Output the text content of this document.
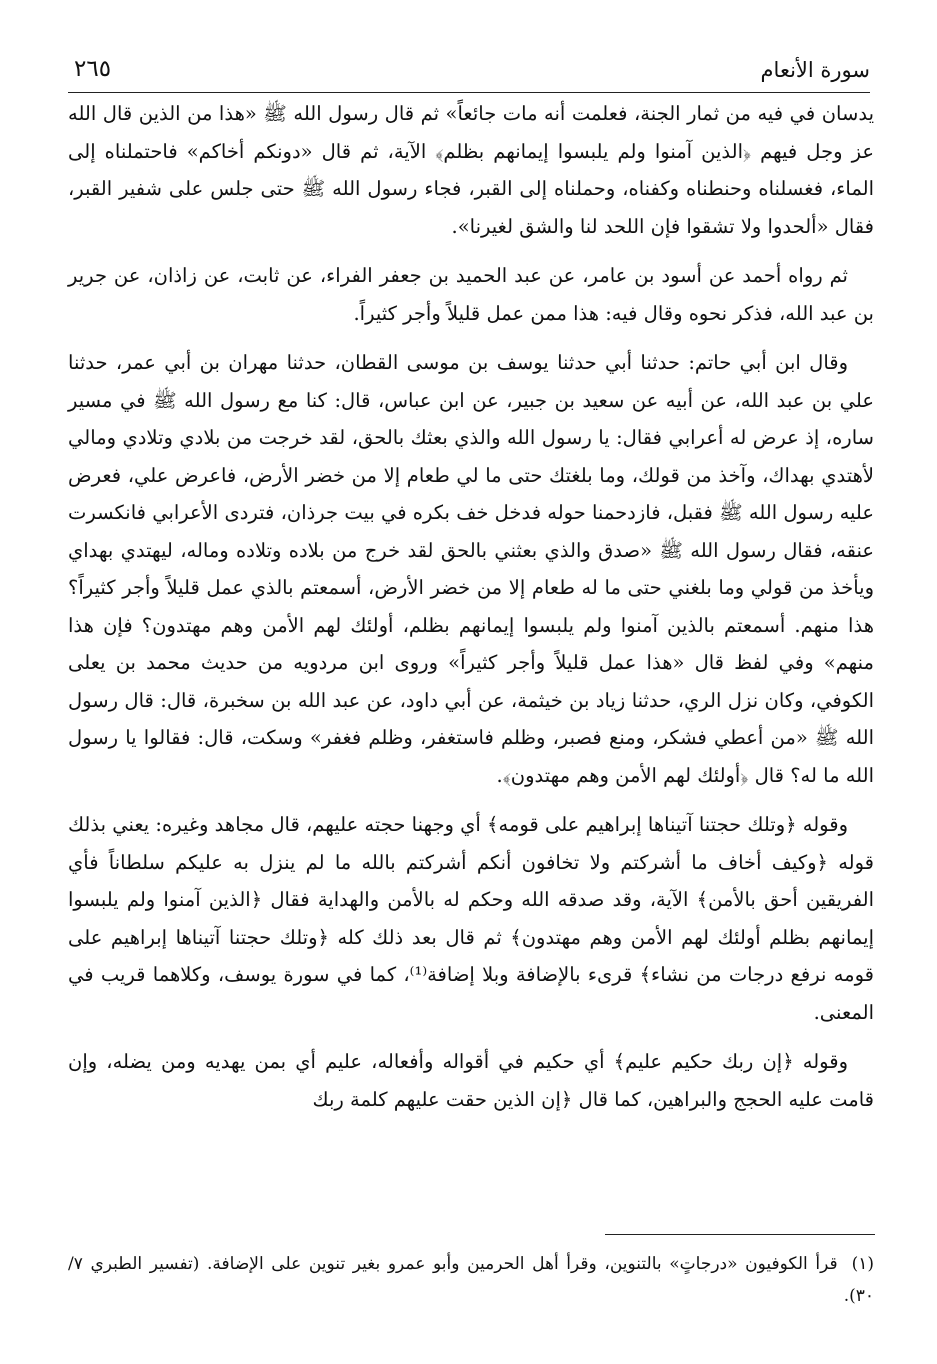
سورة الأنعام
٢٦٥

يدسان في فيه من ثمار الجنة، فعلمت أنه مات جائعاً» ثم قال رسول الله ﷺ «هذا من الذين قال الله عز وجل فيهم ﴿الذين آمنوا ولم يلبسوا إيمانهم بظلم﴾ الآية، ثم قال «دونكم أخاكم» فاحتملناه إلى الماء، فغسلناه وحنطناه وكفناه، وحملناه إلى القبر، فجاء رسول الله ﷺ حتى جلس على شفير القبر، فقال «ألحدوا ولا تشقوا فإن اللحد لنا والشق لغيرنا».

ثم رواه أحمد عن أسود بن عامر، عن عبد الحميد بن جعفر الفراء، عن ثابت، عن زاذان، عن جرير بن عبد الله، فذكر نحوه وقال فيه: هذا ممن عمل قليلاً وأجر كثيراً.

وقال ابن أبي حاتم: حدثنا أبي حدثنا يوسف بن موسى القطان، حدثنا مهران بن أبي عمر، حدثنا علي بن عبد الله، عن أبيه عن سعيد بن جبير، عن ابن عباس، قال: كنا مع رسول الله ﷺ في مسير ساره، إذ عرض له أعرابي فقال: يا رسول الله والذي بعثك بالحق، لقد خرجت من بلادي وتلادي ومالي لأهتدي بهداك، وآخذ من قولك، وما بلغتك حتى ما لي طعام إلا من خضر الأرض، فاعرض علي، فعرض عليه رسول الله ﷺ فقبل، فازدحمنا حوله فدخل خف بكره في بيت جرذان، فتردى الأعرابي فانكسرت عنقه، فقال رسول الله ﷺ «صدق والذي بعثني بالحق لقد خرج من بلاده وتلاده وماله، ليهتدي بهداي ويأخذ من قولي وما بلغني حتى ما له طعام إلا من خضر الأرض، أسمعتم بالذي عمل قليلاً وأجر كثيراً؟ هذا منهم. أسمعتم بالذين آمنوا ولم يلبسوا إيمانهم بظلم، أولئك لهم الأمن وهم مهتدون؟ فإن هذا منهم» وفي لفظ قال «هذا عمل قليلاً وأجر كثيراً» وروى ابن مردويه من حديث محمد بن يعلى الكوفي، وكان نزل الري، حدثنا زياد بن خيثمة، عن أبي داود، عن عبد الله بن سخبرة، قال: قال رسول الله ﷺ «من أعطي فشكر، ومنع فصبر، وظلم فاستغفر، وظلم فغفر» وسكت، قال: فقالوا يا رسول الله ما له؟ قال ﴿أولئك لهم الأمن وهم مهتدون﴾.

وقوله ﴿وتلك حجتنا آتيناها إبراهيم على قومه﴾ أي وجهنا حجته عليهم، قال مجاهد وغيره: يعني بذلك قوله ﴿وكيف أخاف ما أشركتم ولا تخافون أنكم أشركتم بالله ما لم ينزل به عليكم سلطاناً فأي الفريقين أحق بالأمن﴾ الآية، وقد صدقه الله وحكم له بالأمن والهداية فقال ﴿الذين آمنوا ولم يلبسوا إيمانهم بظلم أولئك لهم الأمن وهم مهتدون﴾ ثم قال بعد ذلك كله ﴿وتلك حجتنا آتيناها إبراهيم على قومه نرفع درجات من نشاء﴾ قرىء بالإضافة وبلا إضافة⁽¹⁾، كما في سورة يوسف، وكلاهما قريب في المعنى.

وقوله ﴿إن ربك حكيم عليم﴾ أي حكيم في أقواله وأفعاله، عليم أي بمن يهديه ومن يضله، وإن قامت عليه الحجج والبراهين، كما قال ﴿إن الذين حقت عليهم كلمة ربك

(١)قرأ الكوفيون «درجاتٍ» بالتنوين، وقرأ أهل الحرمين وأبو عمرو بغير تنوين على الإضافة. (تفسير الطبري ٧/ ٣٠).
